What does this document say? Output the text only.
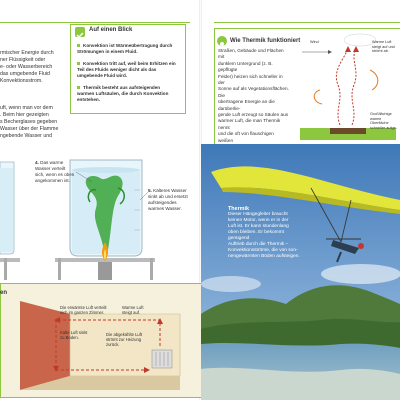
rmischer Energie durch
ner Flüssigkeit oder
e- oder Wasserbereich
das umgebende Fluid
Konvektionsstrom.
Auf einen Blick
Konvektion ist Wärmeübertragung durch Strömungen in einem Fluid.
Konvektion tritt auf, weil beim Erhitzen ein Teil des Fluids weniger dicht als das umgebende Fluid wird.
Thermik besteht aus aufsteigenden warmen Luftsäulen, die durch Konvektion entstehen.
uft, wenn man vor dem
. Beim hier gezeigten
s Becherglases gegeben
Wasser über der Flamme
ngebende Wasser und
4. Das warme Wasser verteilt sich, wenn es oben angekommen ist.
5. Kälteres Wasser sinkt ab und ersetzt aufsteigendes warmes Wasser.
en
Die erwärmte Luft verteilt sich im ganzen Zimmer.
Warme Luft steigt auf.
Kalte Luft sinkt zu Boden.
Die abgekühlte Luft strömt zur Heizung zurück.
Wie Thermik funktioniert
Straßen, Gebäude und Flächen mit
dunklem Untergrund (z. B. gepflügte
Felder) heizen sich schneller in der
Sonne auf als Vegetationsflächen. Die
übertragene Energie an die darüberlie-
gende Luft erzeugt so Säulen aus
warmer Luft, die man Thermik nennt
und die oft von flauschigen weißen
Wind	Warme Luft steigt auf und strömt ab.
Großflächige warme Oberfläche schneller aufge-
Thermik
Dieser Hängegleiter braucht
keinen Motor, wenn er in der
Luft ist. Er kann stundenlang
oben bleiben. Er bekommt genügend
Auftrieb durch die Thermik –
Konvektionsströme, die von son-
nengewärmten Böden aufsteigen.
